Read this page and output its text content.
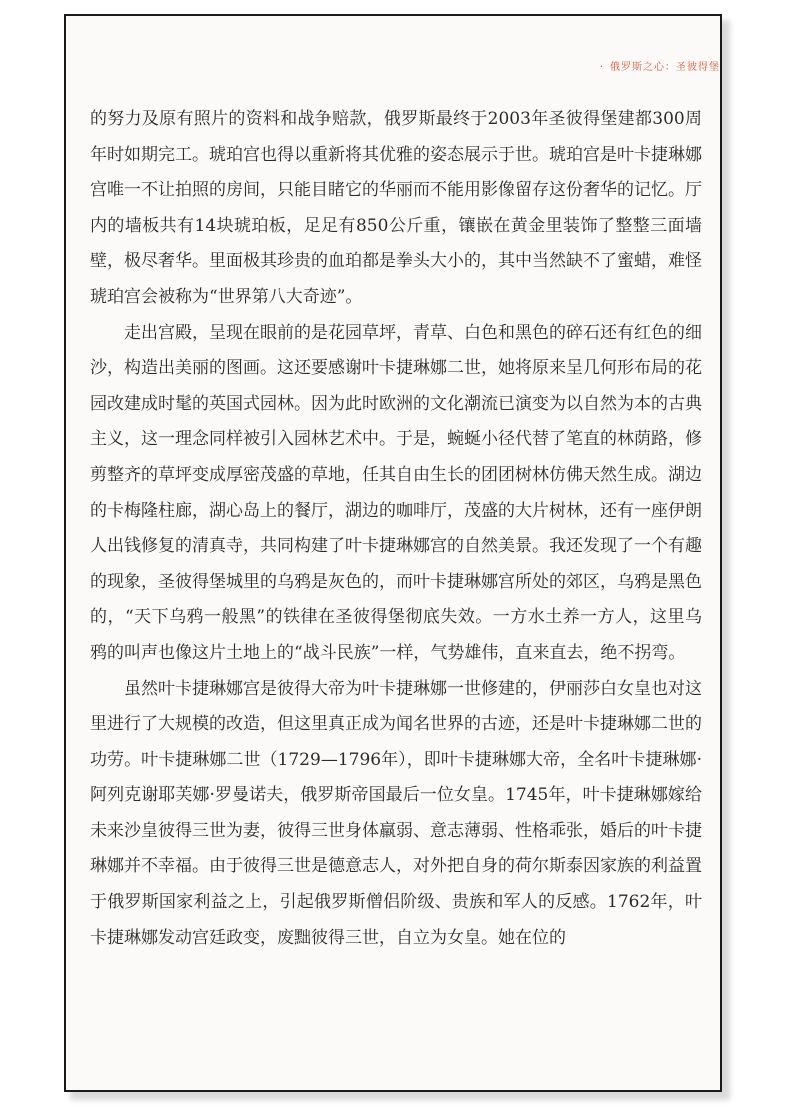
· 俄罗斯之心：圣彼得堡

的努力及原有照片的资料和战争赔款，俄罗斯最终于2003年圣彼得堡建都300周年时如期完工。琥珀宫也得以重新将其优雅的姿态展示于世。琥珀宫是叶卡捷琳娜宫唯一不让拍照的房间，只能目睹它的华丽而不能用影像留存这份奢华的记忆。厅内的墙板共有14块琥珀板，足足有850公斤重，镶嵌在黄金里装饰了整整三面墙壁，极尽奢华。里面极其珍贵的血珀都是拳头大小的，其中当然缺不了蜜蜡，难怪琥珀宫会被称为“世界第八大奇迹”。

走出宫殿，呈现在眼前的是花园草坪，青草、白色和黑色的碎石还有红色的细沙，构造出美丽的图画。这还要感谢叶卡捷琳娜二世，她将原来呈几何形布局的花园改建成时髦的英国式园林。因为此时欧洲的文化潮流已演变为以自然为本的古典主义，这一理念同样被引入园林艺术中。于是，蜿蜒小径代替了笔直的林荫路，修剪整齐的草坪变成厚密茂盛的草地，任其自由生长的团团树林仿佛天然生成。湖边的卡梅隆柱廊，湖心岛上的餐厅，湖边的咖啡厅，茂盛的大片树林，还有一座伊朗人出钱修复的清真寺，共同构建了叶卡捷琳娜宫的自然美景。我还发现了一个有趣的现象，圣彼得堡城里的乌鸦是灰色的，而叶卡捷琳娜宫所处的郊区，乌鸦是黑色的，“天下乌鸦一般黑”的铁律在圣彼得堡彻底失效。一方水土养一方人，这里乌鸦的叫声也像这片土地上的“战斗民族”一样，气势雄伟，直来直去，绝不拐弯。

虽然叶卡捷琳娜宫是彼得大帝为叶卡捷琳娜一世修建的，伊丽莎白女皇也对这里进行了大规模的改造，但这里真正成为闻名世界的古迹，还是叶卡捷琳娜二世的功劳。叶卡捷琳娜二世（1729—1796年），即叶卡捷琳娜大帝，全名叶卡捷琳娜·阿列克谢耶芙娜·罗曼诺夫，俄罗斯帝国最后一位女皇。1745年，叶卡捷琳娜嫁给未来沙皇彼得三世为妻，彼得三世身体羸弱、意志薄弱、性格乖张，婚后的叶卡捷琳娜并不幸福。由于彼得三世是德意志人，对外把自身的荷尔斯泰因家族的利益置于俄罗斯国家利益之上，引起俄罗斯僧侣阶级、贵族和军人的反感。1762年，叶卡捷琳娜发动宫廷政变，废黜彼得三世，自立为女皇。她在位的
